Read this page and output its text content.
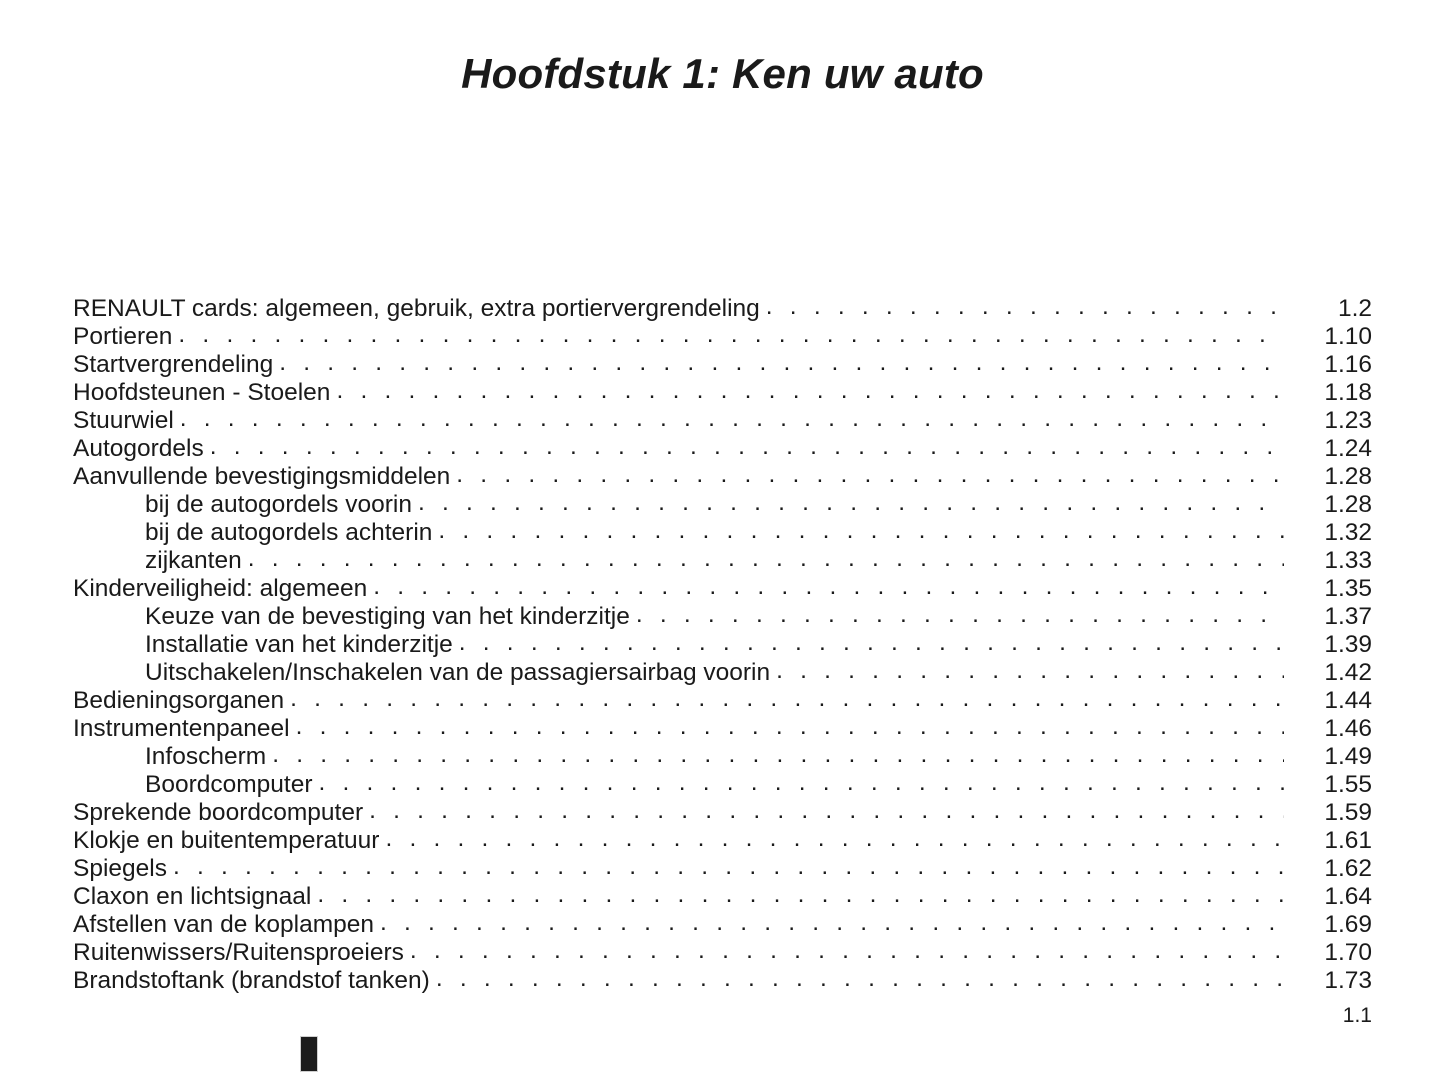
Hoofdstuk 1: Ken uw auto
RENAULT cards: algemeen, gebruik, extra portiervergrendeling . . .	1.2
Portieren . . .	1.10
Startvergrendeling . . .	1.16
Hoofdsteunen - Stoelen . . .	1.18
Stuurwiel . . .	1.23
Autogordels . . .	1.24
Aanvullende bevestigingsmiddelen . . .	1.28
bij de autogordels voorin . . .	1.28
bij de autogordels achterin . . .	1.32
zijkanten . . .	1.33
Kinderveiligheid: algemeen . . .	1.35
Keuze van de bevestiging van het kinderzitje . . .	1.37
Installatie van het kinderzitje . . .	1.39
Uitschakelen/Inschakelen van de passagiersairbag voorin . . .	1.42
Bedieningsorganen . . .	1.44
Instrumentenpaneel . . .	1.46
Infoscherm . . .	1.49
Boordcomputer . . .	1.55
Sprekende boordcomputer . . .	1.59
Klokje en buitentemperatuur . . .	1.61
Spiegels . . .	1.62
Claxon en lichtsignaal . . .	1.64
Afstellen van de koplampen . . .	1.69
Ruitenwissers/Ruitensproeiers . . .	1.70
Brandstoftank (brandstof tanken) . . .	1.73
1.1
